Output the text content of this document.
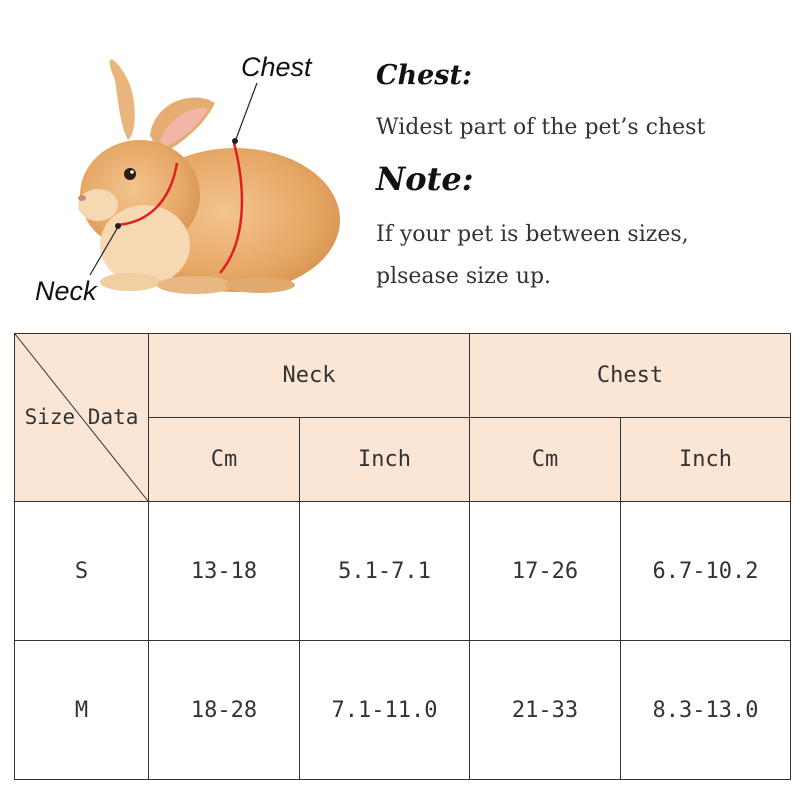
Chest
Neck
Chest:
Widest part of the pet’s chest
Note:
If your pet is between sizes,
plsease size up.
Size Data	Neck		Chest	
	Cm	Inch	Cm	Inch
S	13-18	5.1-7.1	17-26	6.7-10.2
M	18-28	7.1-11.0	21-33	8.3-13.0
